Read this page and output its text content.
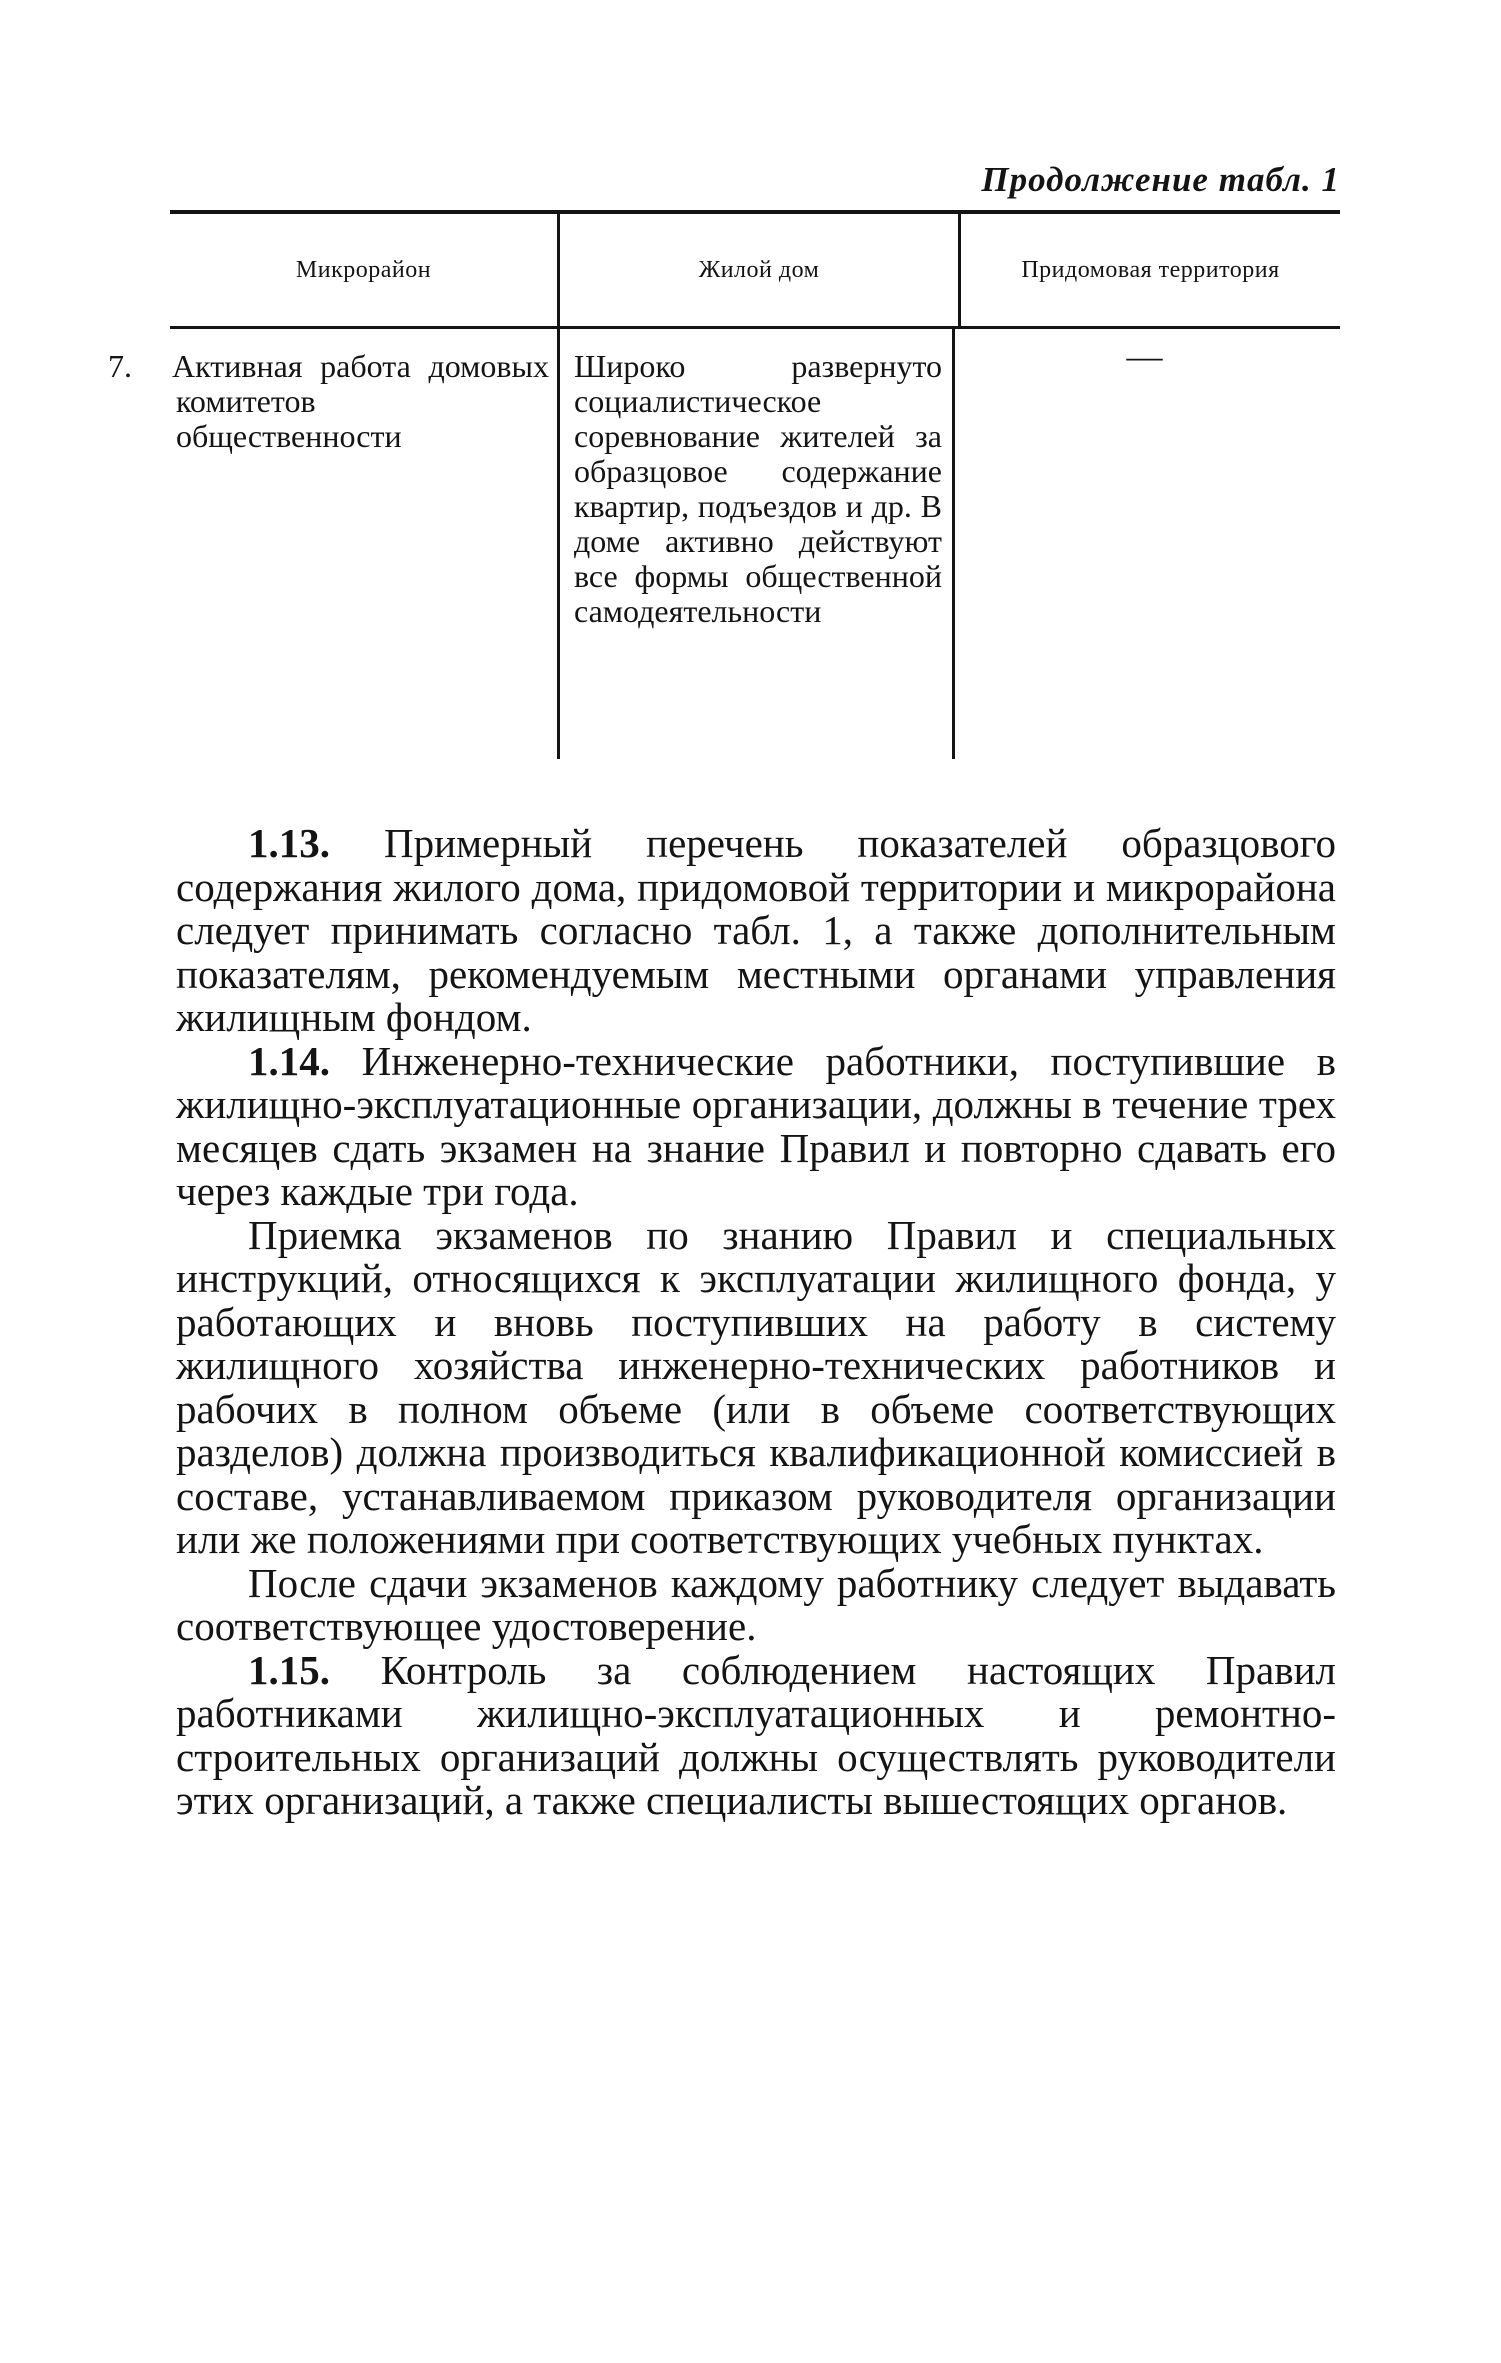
Продолжение табл. 1
Микрорайон	Жилой дом	Придомовая территория
7. Активная работа домовых комитетов общественности
Широко развернуто социалистическое соревнование жителей за образцовое содержание квартир, подъездов и др. В доме активно действуют все формы общественной самодеятельности
—

1.13. Примерный перечень показателей образцового содержания жилого дома, придомовой территории и микрорайона следует принимать согласно табл. 1, а также дополнительным показателям, рекомендуемым местными органами управления жилищным фондом.

1.14. Инженерно-технические работники, поступившие в жилищно-эксплуатационные организации, должны в течение трех месяцев сдать экзамен на знание Правил и повторно сдавать его через каждые три года.

Приемка экзаменов по знанию Правил и специальных инструкций, относящихся к эксплуатации жилищного фонда, у работающих и вновь поступивших на работу в систему жилищного хозяйства инженерно-технических работников и рабочих в полном объеме (или в объеме соответствующих разделов) должна производиться квалификационной комиссией в составе, устанавливаемом приказом руководителя организации или же положениями при соответствующих учебных пунктах.

После сдачи экзаменов каждому работнику следует выдавать соответствующее удостоверение.

1.15. Контроль за соблюдением настоящих Правил работниками жилищно-эксплуатационных и ремонтно-строительных организаций должны осуществлять руководители этих организаций, а также специалисты вышестоящих органов.
